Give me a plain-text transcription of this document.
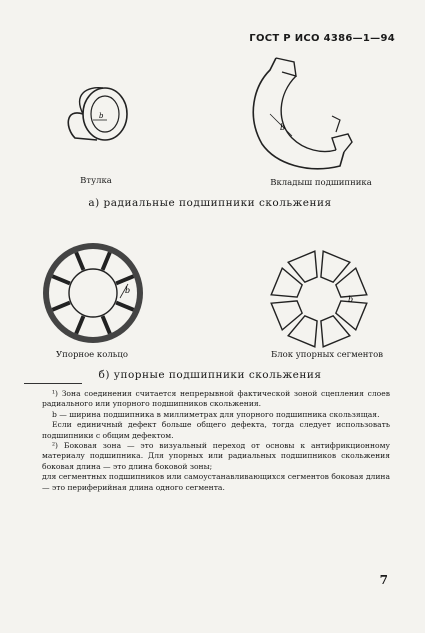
ГОСТ Р ИСО 4386—1—94
b
Втулка
b
Вкладыш подшипника
а) радиальные подшипники скольжения
b
Упорное кольцо
b
Блок упорных сегментов
б) упорные подшипники скольжения

¹) Зона соединения считается непрерывной фактической зоной сцепления слоев радиального или упорного подшипников скольжения.

b — ширина подшипника в миллиметрах для упорного подшипника скользящая.

Если единичный дефект больше общего дефекта, тогда следует использовать подшипники с общим дефектом.

²) Боковая зона — это визуальный переход от основы к антифрикционному материалу подшипника. Для упорных или радиальных подшипников скольжения боковая длина — это длина боковой зоны;

для сегментных подшипников или самоустанавливающихся сегментов боковая длина — это периферийная длина одного сегмента.

7
